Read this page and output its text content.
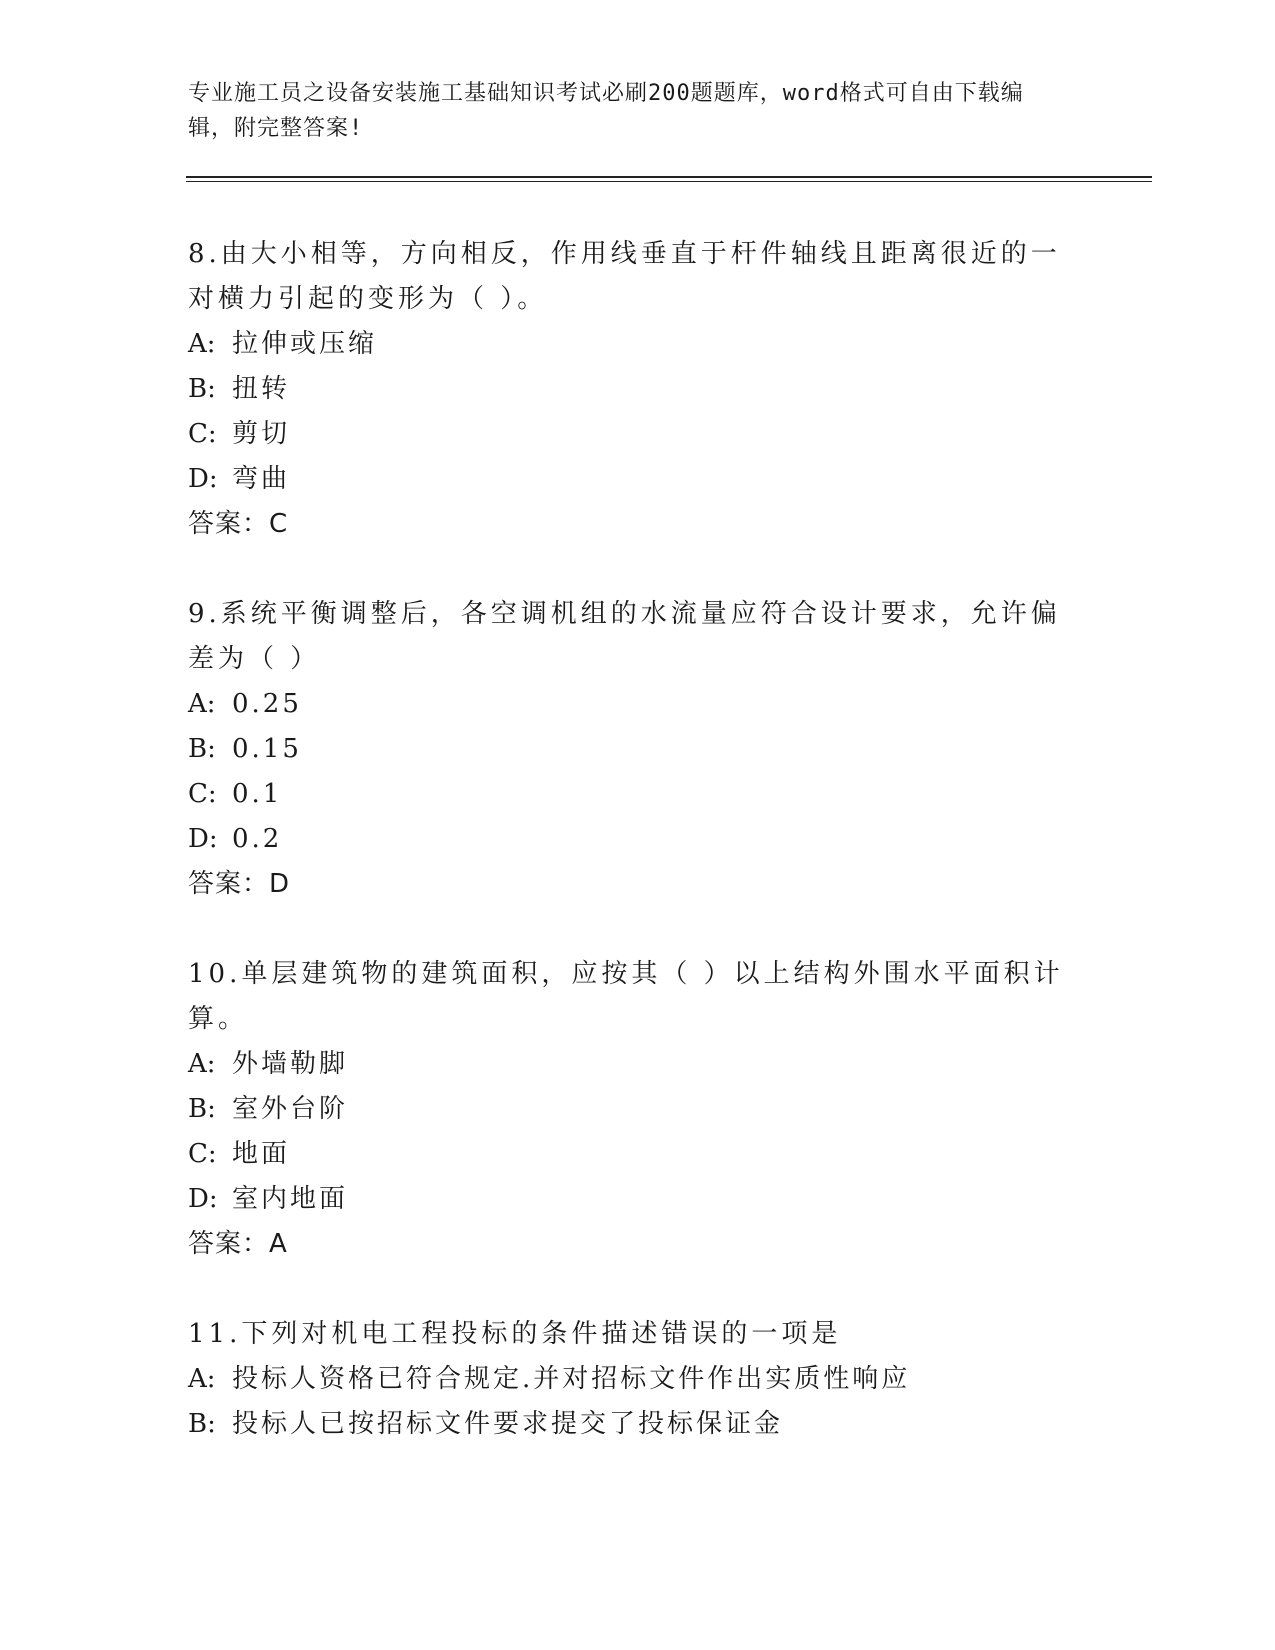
专业施工员之设备安装施工基础知识考试必刷200题题库，word格式可自由下载编辑，附完整答案!

8.由大小相等，方向相反，作用线垂直于杆件轴线且距离很近的一对横力引起的变形为（ ）。

A: 拉伸或压缩

B: 扭转

C: 剪切

D: 弯曲

答案：C

9.系统平衡调整后，各空调机组的水流量应符合设计要求，允许偏差为（ ）

A: 0.25

B: 0.15

C: 0.1

D: 0.2

答案：D

10.单层建筑物的建筑面积，应按其（ ）以上结构外围水平面积计算。

A: 外墙勒脚

B: 室外台阶

C: 地面

D: 室内地面

答案：A

11.下列对机电工程投标的条件描述错误的一项是

A: 投标人资格已符合规定.并对招标文件作出实质性响应

B: 投标人已按招标文件要求提交了投标保证金
